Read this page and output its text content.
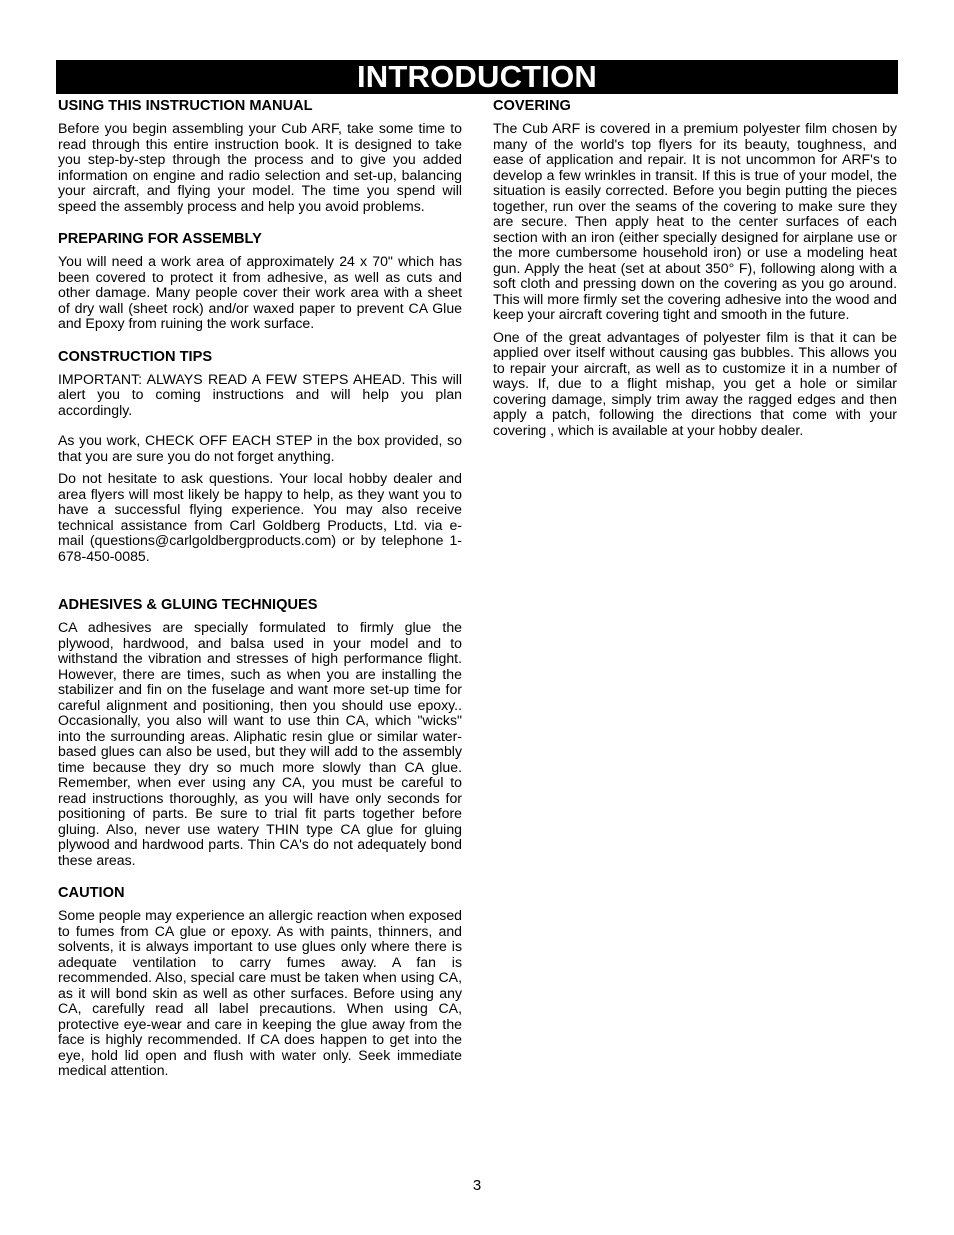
INTRODUCTION
USING THIS INSTRUCTION MANUAL

Before you begin assembling your Cub ARF, take some time to read through this entire instruction book. It is designed to take you step-by-step through the process and to give you added information on engine and radio selection and set-up, balancing your aircraft, and flying your model. The time you spend will speed the assembly process and help you avoid problems.

PREPARING FOR ASSEMBLY

You will need a work area of approximately 24 x 70" which has been covered to protect it from adhesive, as well as cuts and other damage. Many people cover their work area with a sheet of dry wall (sheet rock) and/or waxed paper to prevent CA Glue and Epoxy from ruining the work surface.

CONSTRUCTION TIPS

IMPORTANT: ALWAYS READ A FEW STEPS AHEAD. This will alert you to coming instructions and will help you plan accordingly.

As you work, CHECK OFF EACH STEP in the box provided, so that you are sure you do not forget anything.

Do not hesitate to ask questions. Your local hobby dealer and area flyers will most likely be happy to help, as they want you to have a successful flying experience. You may also receive technical assistance from Carl Goldberg Products, Ltd. via e-mail (questions@carlgoldbergproducts.com) or by telephone 1-678-450-0085.

ADHESIVES & GLUING TECHNIQUES

CA adhesives are specially formulated to firmly glue the plywood, hardwood, and balsa used in your model and to withstand the vibration and stresses of high performance flight. However, there are times, such as when you are installing the stabilizer and fin on the fuselage and want more set-up time for careful alignment and positioning, then you should use epoxy.. Occasionally, you also will want to use thin CA, which "wicks" into the surrounding areas. Aliphatic resin glue or similar water-based glues can also be used, but they will add to the assembly time because they dry so much more slowly than CA glue. Remember, when ever using any CA, you must be careful to read instructions thoroughly, as you will have only seconds for positioning of parts. Be sure to trial fit parts together before gluing. Also, never use watery THIN type CA glue for gluing plywood and hardwood parts. Thin CA's do not adequately bond these areas.

CAUTION

Some people may experience an allergic reaction when exposed to fumes from CA glue or epoxy. As with paints, thinners, and solvents, it is always important to use glues only where there is adequate ventilation to carry fumes away. A fan is recommended. Also, special care must be taken when using CA, as it will bond skin as well as other surfaces. Before using any CA, carefully read all label precautions. When using CA, protective eye-wear and care in keeping the glue away from the face is highly recommended. If CA does happen to get into the eye, hold lid open and flush with water only. Seek immediate medical attention.

COVERING

The Cub ARF is covered in a premium polyester film chosen by many of the world's top flyers for its beauty, toughness, and ease of application and repair. It is not uncommon for ARF's to develop a few wrinkles in transit. If this is true of your model, the situation is easily corrected. Before you begin putting the pieces together, run over the seams of the covering to make sure they are secure. Then apply heat to the center surfaces of each section with an iron (either specially designed for airplane use or the more cumbersome household iron) or use a modeling heat gun. Apply the heat (set at about 350° F), following along with a soft cloth and pressing down on the covering as you go around. This will more firmly set the covering adhesive into the wood and keep your aircraft covering tight and smooth in the future.

One of the great advantages of polyester film is that it can be applied over itself without causing gas bubbles. This allows you to repair your aircraft, as well as to customize it in a number of ways. If, due to a flight mishap, you get a hole or similar covering damage, simply trim away the ragged edges and then apply a patch, following the directions that come with your covering , which is available at your hobby dealer.

3
